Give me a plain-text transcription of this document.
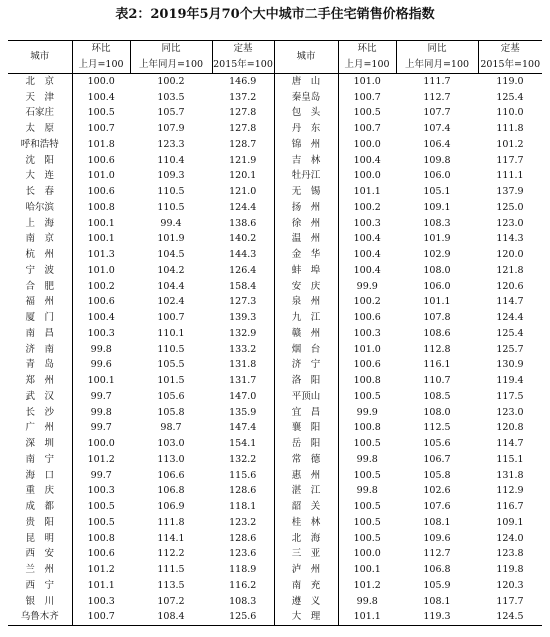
表2：2019年5月70个大中城市二手住宅销售价格指数
城市	环比	同比	定基	城市	环比	同比	定基
	上月=100	上年同月=100	2015年=100		上月=100	上年同月=100	2015年=100
北　京	100.0	100.2	146.9	唐　山	101.0	111.7	119.0
天　津	100.4	103.5	137.2	秦皇岛	100.7	112.7	125.4
石家庄	100.5	105.7	127.8	包　头	100.5	107.7	110.0
太　原	100.7	107.9	127.8	丹　东	100.7	107.4	111.8
呼和浩特	101.8	123.3	128.7	锦　州	100.0	106.4	101.2
沈　阳	100.6	110.4	121.9	吉　林	100.4	109.8	117.7
大　连	101.0	109.3	120.1	牡丹江	100.0	106.0	111.1
长　春	100.6	110.5	121.0	无　锡	101.1	105.1	137.9
哈尔滨	100.8	110.5	124.4	扬　州	100.2	109.1	125.0
上　海	100.1	99.4	138.6	徐　州	100.3	108.3	123.0
南　京	100.1	101.9	140.2	温　州	100.4	101.9	114.3
杭　州	101.3	104.5	144.3	金　华	100.4	102.9	120.0
宁　波	101.0	104.2	126.4	蚌　埠	100.4	108.0	121.8
合　肥	100.2	104.4	158.4	安　庆	99.9	106.0	120.6
福　州	100.6	102.4	127.3	泉　州	100.2	101.1	114.7
厦　门	100.4	100.7	139.3	九　江	100.6	107.8	124.4
南　昌	100.3	110.1	132.9	赣　州	100.3	108.6	125.4
济　南	99.8	110.5	133.2	烟　台	101.0	112.8	125.7
青　岛	99.6	105.5	131.8	济　宁	100.6	116.1	130.9
郑　州	100.1	101.5	131.7	洛　阳	100.8	110.7	119.4
武　汉	99.7	105.6	147.0	平顶山	100.5	108.5	117.5
长　沙	99.8	105.8	135.9	宜　昌	99.9	108.0	123.0
广　州	99.7	98.7	147.4	襄　阳	100.8	112.5	120.8
深　圳	100.0	103.0	154.1	岳　阳	100.5	105.6	114.7
南　宁	101.2	113.0	132.2	常　德	99.8	106.7	115.1
海　口	99.7	106.6	115.6	惠　州	100.5	105.8	131.8
重　庆	100.3	106.8	128.6	湛　江	99.8	102.6	112.9
成　都	100.5	106.9	118.1	韶　关	100.5	107.6	116.7
贵　阳	100.5	111.8	123.2	桂　林	100.5	108.1	109.1
昆　明	100.8	114.1	128.6	北　海	100.5	109.6	124.0
西　安	100.6	112.2	123.6	三　亚	100.0	112.7	123.8
兰　州	101.2	111.5	118.9	泸　州	100.1	106.8	119.8
西　宁	101.1	113.5	116.2	南　充	101.2	105.9	120.3
银　川	100.3	107.2	108.3	遵　义	99.8	108.1	117.7
乌鲁木齐	100.7	108.4	125.6	大　理	101.1	119.3	124.5
